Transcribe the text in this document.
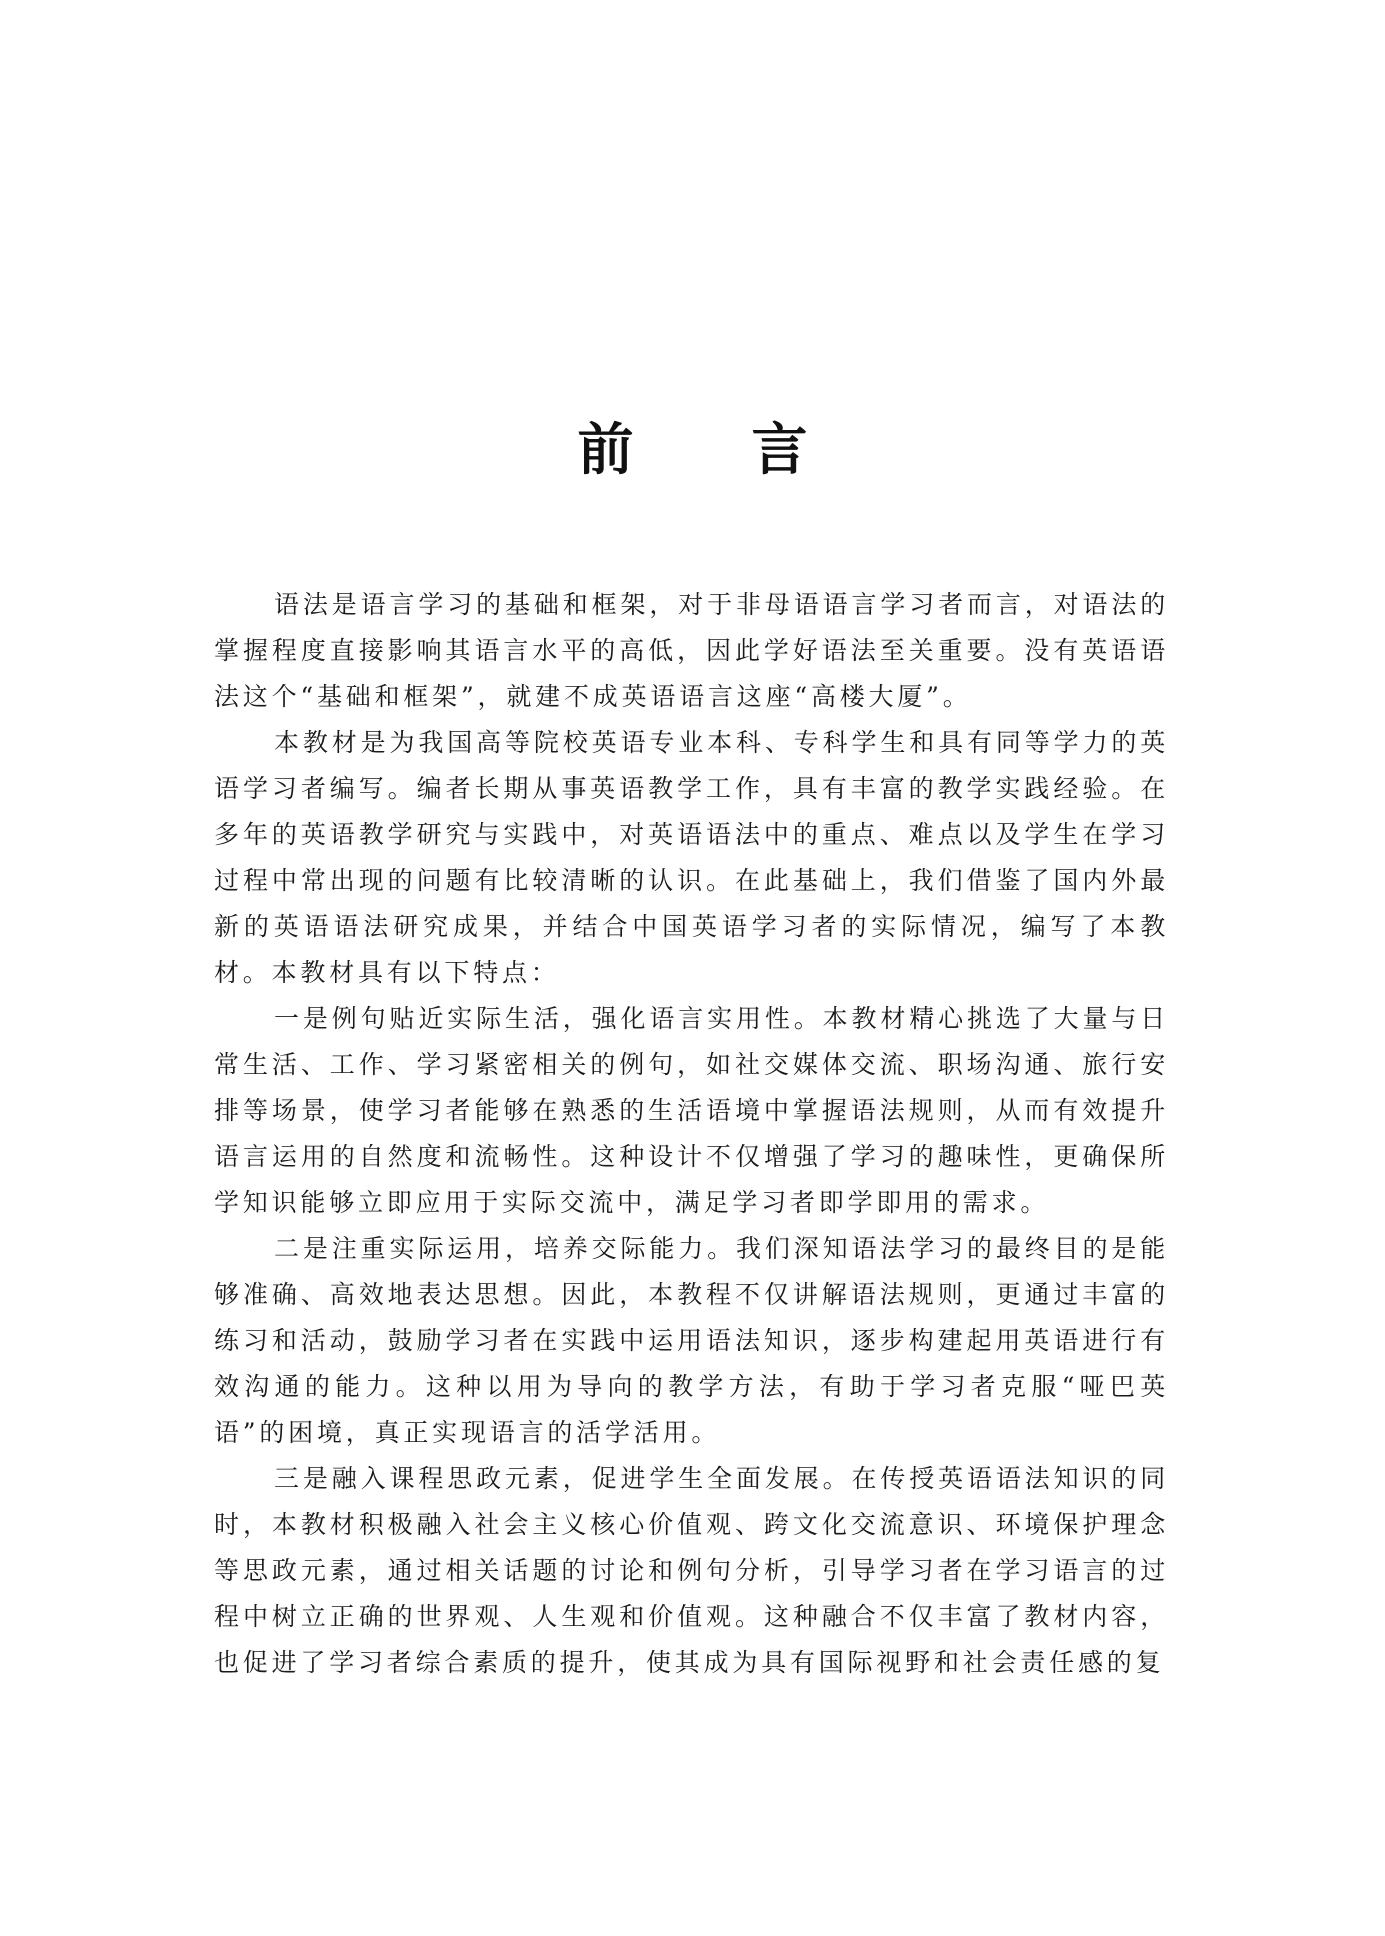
前言

语法是语言学习的基础和框架，对于非母语语言学习者而言，对语法的掌握程度直接影响其语言水平的高低，因此学好语法至关重要。没有英语语法这个“基础和框架”，就建不成英语语言这座“高楼大厦”。

本教材是为我国高等院校英语专业本科、专科学生和具有同等学力的英语学习者编写。编者长期从事英语教学工作，具有丰富的教学实践经验。在多年的英语教学研究与实践中，对英语语法中的重点、难点以及学生在学习过程中常出现的问题有比较清晰的认识。在此基础上，我们借鉴了国内外最新的英语语法研究成果，并结合中国英语学习者的实际情况，编写了本教材。本教材具有以下特点：

一是例句贴近实际生活，强化语言实用性。本教材精心挑选了大量与日常生活、工作、学习紧密相关的例句，如社交媒体交流、职场沟通、旅行安排等场景，使学习者能够在熟悉的生活语境中掌握语法规则，从而有效提升语言运用的自然度和流畅性。这种设计不仅增强了学习的趣味性，更确保所学知识能够立即应用于实际交流中，满足学习者即学即用的需求。

二是注重实际运用，培养交际能力。我们深知语法学习的最终目的是能够准确、高效地表达思想。因此，本教程不仅讲解语法规则，更通过丰富的练习和活动，鼓励学习者在实践中运用语法知识，逐步构建起用英语进行有效沟通的能力。这种以用为导向的教学方法，有助于学习者克服“哑巴英语”的困境，真正实现语言的活学活用。

三是融入课程思政元素，促进学生全面发展。在传授英语语法知识的同时，本教材积极融入社会主义核心价值观、跨文化交流意识、环境保护理念等思政元素，通过相关话题的讨论和例句分析，引导学习者在学习语言的过程中树立正确的世界观、人生观和价值观。这种融合不仅丰富了教材内容，也促进了学习者综合素质的提升，使其成为具有国际视野和社会责任感的复
